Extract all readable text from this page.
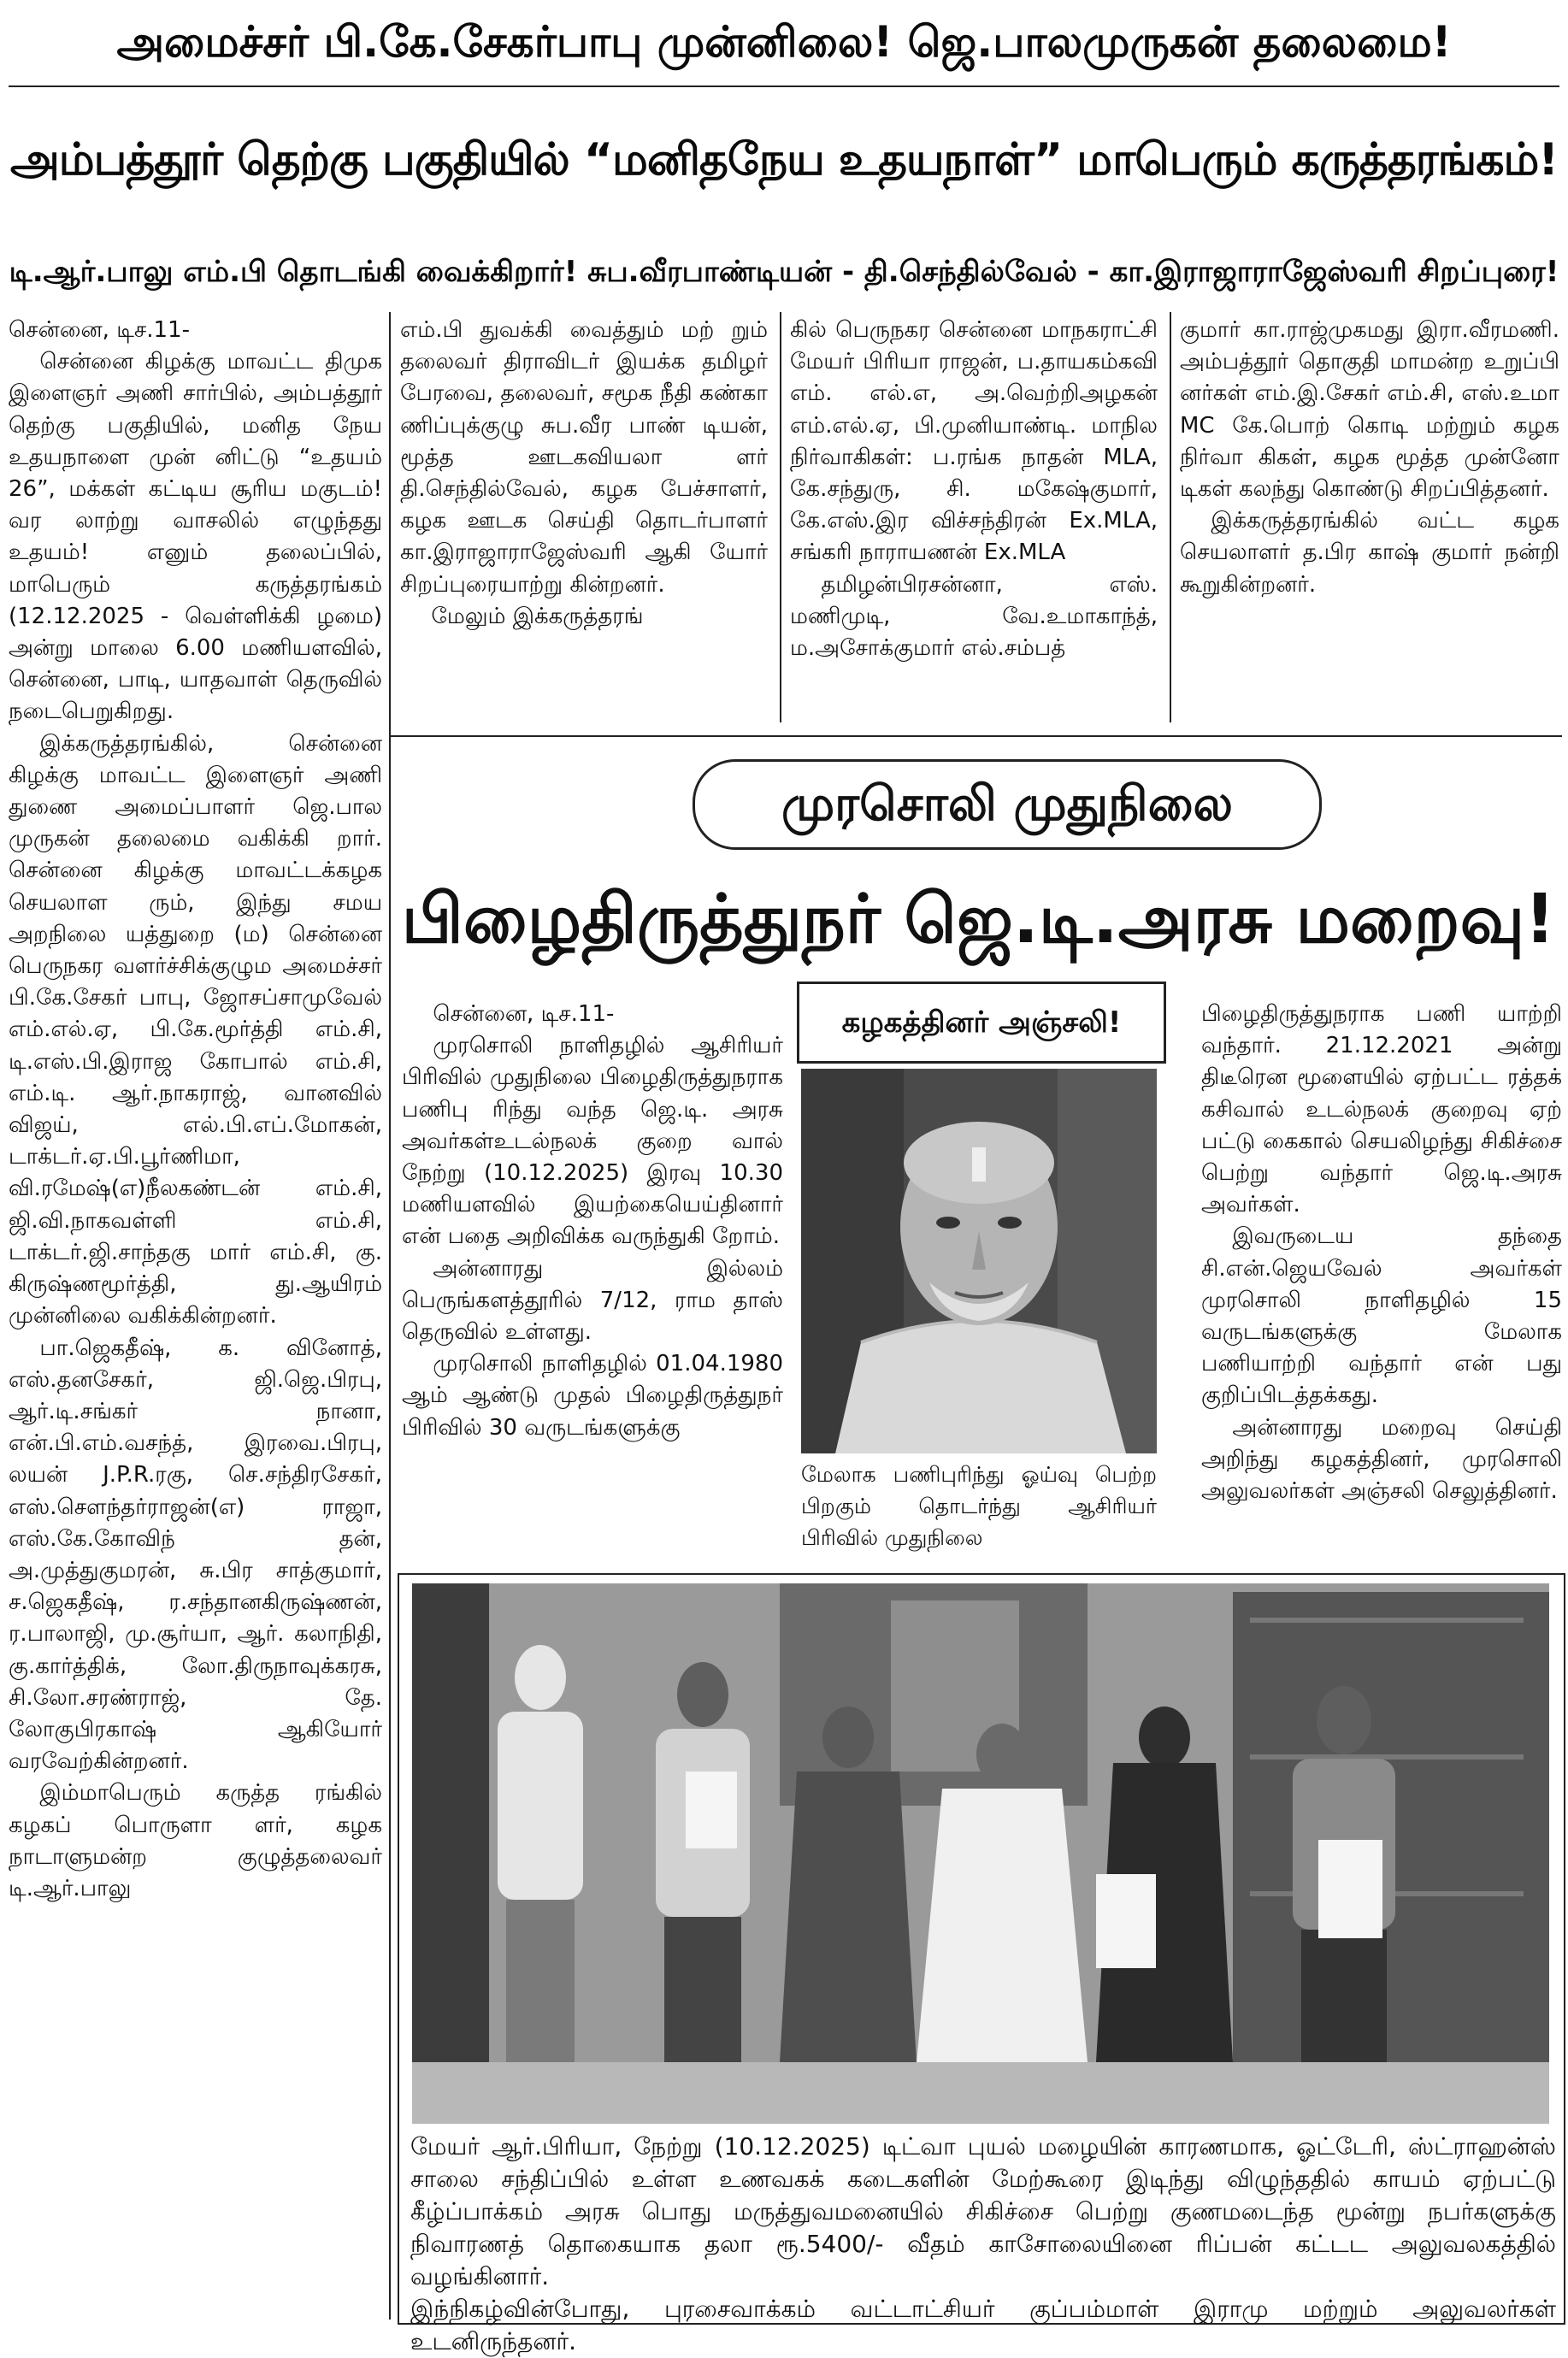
அமைச்சர் பி.கே.சேகர்பாபு முன்னிலை! ஜெ.பாலமுருகன் தலைமை!
அம்பத்தூர் தெற்கு பகுதியில் “மனிதநேய உதயநாள்” மாபெரும் கருத்தரங்கம்!
டி.ஆர்.பாலு எம்.பி தொடங்கி வைக்கிறார்! சுப.வீரபாண்டியன் - தி.செந்தில்வேல் - கா.இராஜாராஜேஸ்வரி சிறப்புரை!

சென்னை, டிச.11-

சென்னை கிழக்கு மாவட்ட திமுக இளைஞர் அணி சார்பில், அம்பத்தூர் தெற்கு பகுதியில், மனித நேய உதயநாளை முன் னிட்டு “உதயம் 26”, மக்கள் கட்டிய சூரிய மகுடம்! வர லாற்று வாசலில் எழுந்தது உதயம்! எனும் தலைப்பில், மாபெரும் கருத்தரங்கம் (12.12.2025 - வெள்ளிக்கி ழமை) அன்று மாலை 6.00 மணியளவில், சென்னை, பாடி, யாதவாள் தெருவில் நடைபெறுகிறது.

இக்கருத்தரங்கில், சென்னை கிழக்கு மாவட்ட இளைஞர் அணி துணை அமைப்பாளர் ஜெ.பால முருகன் தலைமை வகிக்கி றார். சென்னை கிழக்கு மாவட்டக்கழக செயலாள ரும், இந்து சமய அறநிலை யத்துறை (ம) சென்னை பெருநகர வளர்ச்சிக்குழும அமைச்சர் பி.கே.சேகர் பாபு, ஜோசப்சாமுவேல் எம்.எல்.ஏ, பி.கே.மூர்த்தி எம்.சி, டி.எஸ்.பி.இராஜ கோபால் எம்.சி, எம்.டி. ஆர்.நாகராஜ், வானவில் விஜய், எல்.பி.எப்.மோகன், டாக்டர்.ஏ.பி.பூர்ணிமா, வி.ரமேஷ்(எ)நீலகண்டன் எம்.சி, ஜி.வி.நாகவள்ளி எம்.சி, டாக்டர்.ஜி.சாந்தகு மார் எம்.சி, கு. கிருஷ்ணமூர்த்தி, து.ஆயிரம் முன்னிலை வகிக்கின்றனர்.

பா.ஜெகதீஷ், க. வினோத், எஸ்.தனசேகர், ஜி.ஜெ.பிரபு, ஆர்.டி.சங்கர் நானா, என்.பி.எம்.வசந்த், இரவை.பிரபு, லயன் J.P.R.ரகு, செ.சந்திரசேகர், எஸ்.சௌந்தர்ராஜன்(எ) ராஜா, எஸ்.கே.கோவிந் தன், அ.முத்துகுமரன், சு.பிர சாத்குமார், ச.ஜெகதீஷ், ர.சந்தானகிருஷ்ணன், ர.பாலாஜி, மு.சூர்யா, ஆர். கலாநிதி, கு.கார்த்திக், லோ.திருநாவுக்கரசு, சி.லோ.சரண்ராஜ், தே. லோகுபிரகாஷ் ஆகியோர் வரவேற்கின்றனர்.

இம்மாபெரும் கருத்த ரங்கில் கழகப் பொருளா ளர், கழக நாடாளுமன்ற குழுத்தலைவர் டி.ஆர்.பாலு

எம்.பி துவக்கி வைத்தும் மற் றும் தலைவர் திராவிடர் இயக்க தமிழர் பேரவை, தலைவர், சமூக நீதி கண்கா ணிப்புக்குழு சுப.வீர பாண் டியன், மூத்த ஊடகவியலா ளர் தி.செந்தில்வேல், கழக பேச்சாளர், கழக ஊடக செய்தி தொடர்பாளர் கா.இராஜாராஜேஸ்வரி ஆகி யோர் சிறப்புரையாற்று கின்றனர்.

மேலும் இக்கருத்தரங்

கில் பெருநகர சென்னை மாநகராட்சி மேயர் பிரியா ராஜன், ப.தாயகம்கவி எம். எல்.எ, அ.வெற்றிஅழகன் எம்.எல்.ஏ, பி.முனியாண்டி. மாநில நிர்வாகிகள்: ப.ரங்க நாதன் MLA, கே.சந்துரு, சி. மகேஷ்குமார், கே.எஸ்.இர விச்சந்திரன் Ex.MLA, சங்கரி நாராயணன் Ex.MLA

தமிழன்பிரசன்னா, எஸ். மணிமுடி, வே.உமாகாந்த், ம.அசோக்குமார் எல்.சம்பத்

குமார் கா.ராஜ்முகமது இரா.வீரமணி. அம்பத்தூர் தொகுதி மாமன்ற உறுப்பி னர்கள் எம்.இ.சேகர் எம்.சி, எஸ்.உமா MC கே.பொற் கொடி மற்றும் கழக நிர்வா கிகள், கழக மூத்த முன்னோ டிகள் கலந்து கொண்டு சிறப்பித்தனர்.

இக்கருத்தரங்கில் வட்ட கழக செயலாளர் த.பிர காஷ் குமார் நன்றி கூறுகின்றனர்.

முரசொலி முதுநிலை
பிழைதிருத்துநர் ஜெ.டி.அரசு மறைவு!

சென்னை, டிச.11-

முரசொலி நாளிதழில் ஆசிரியர் பிரிவில் முதுநிலை பிழைதிருத்துநராக பணிபு ரிந்து வந்த ஜெ.டி. அரசு அவர்கள்உடல்நலக் குறை வால் நேற்று (10.12.2025) இரவு 10.30 மணியளவில் இயற்கையெய்தினார் என் பதை அறிவிக்க வருந்துகி றோம்.

அன்னாரது இல்லம் பெருங்களத்தூரில் 7/12, ராம தாஸ் தெருவில் உள்ளது.

முரசொலி நாளிதழில் 01.04.1980 ஆம் ஆண்டு முதல் பிழைதிருத்துநர் பிரிவில் 30 வருடங்களுக்கு

கழகத்தினர் அஞ்சலி!

மேலாக பணிபுரிந்து ஓய்வு பெற்ற பிறகும் தொடர்ந்து ஆசிரியர் பிரிவில் முதுநிலை

பிழைதிருத்துநராக பணி யாற்றி வந்தார். 21.12.2021 அன்று திடீரென மூளையில் ஏற்பட்ட ரத்தக் கசிவால் உடல்நலக் குறைவு ஏற் பட்டு கைகால் செயலிழந்து சிகிச்சை பெற்று வந்தார் ஜெ.டி.அரசு அவர்கள்.

இவருடைய தந்தை சி.என்.ஜெயவேல் அவர்கள் முரசொலி நாளிதழில் 15 வருடங்களுக்கு மேலாக பணியாற்றி வந்தார் என் பது குறிப்பிடத்தக்கது.

அன்னாரது மறைவு செய்தி அறிந்து கழகத்தினர், முரசொலி அலுவலர்கள் அஞ்சலி செலுத்தினர்.

மேயர் ஆர்.பிரியா, நேற்று (10.12.2025) டிட்வா புயல் மழையின் காரணமாக, ஓட்டேரி, ஸ்ட்ராஹன்ஸ் சாலை சந்திப்பில் உள்ள உணவகக் கடைகளின் மேற்கூரை இடிந்து விழுந்ததில் காயம் ஏற்பட்டு கீழ்ப்பாக்கம் அரசு பொது மருத்துவமனையில் சிகிச்சை பெற்று குணமடைந்த மூன்று நபர்களுக்கு நிவாரணத் தொகையாக தலா ரூ.5400/- வீதம் காசோலையினை ரிப்பன் கட்டட அலுவலகத்தில் வழங்கினார்.

இந்நிகழ்வின்போது, புரசைவாக்கம் வட்டாட்சியர் குப்பம்மாள் இராமு மற்றும் அலுவலர்கள் உடனிருந்தனர்.
